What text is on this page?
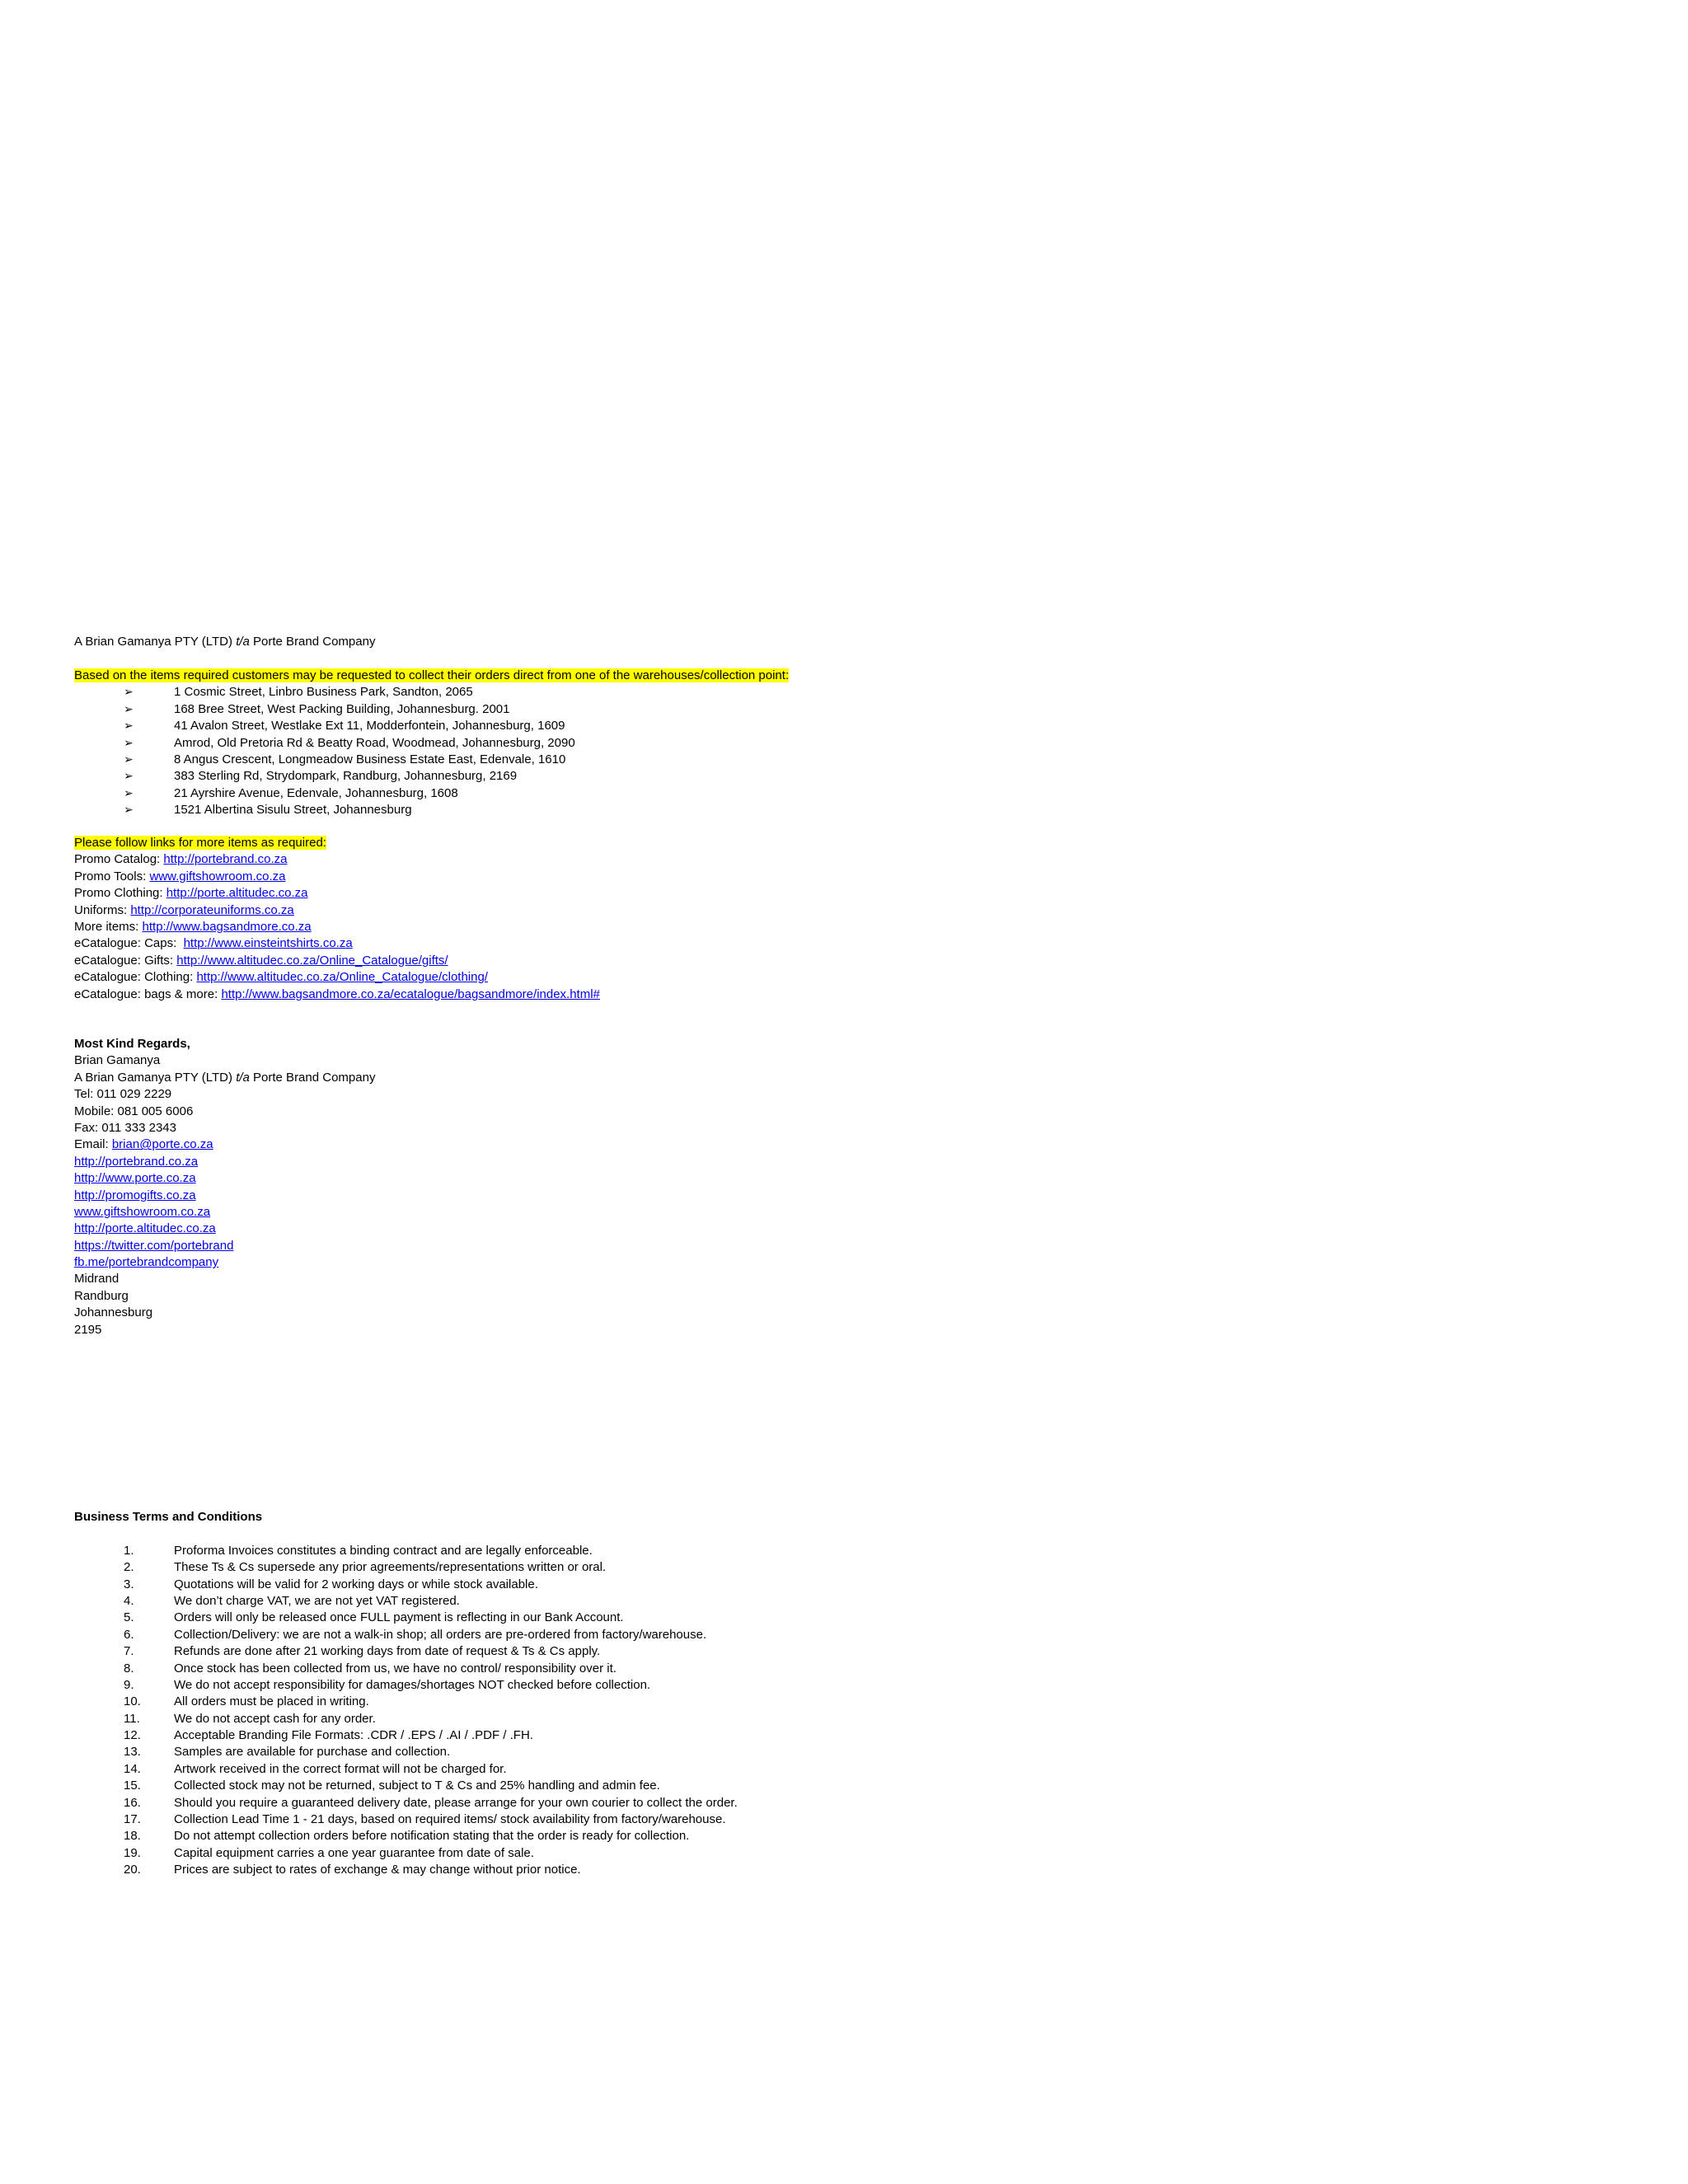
A Brian Gamanya PTY (LTD) t/a Porte Brand Company
Based on the items required customers may be requested to collect their orders direct from one of the warehouses/collection point:
➢	1 Cosmic Street, Linbro Business Park, Sandton, 2065
➢	168 Bree Street, West Packing Building, Johannesburg. 2001
➢	41 Avalon Street, Westlake Ext 11, Modderfontein, Johannesburg, 1609
➢	Amrod, Old Pretoria Rd & Beatty Road, Woodmead, Johannesburg, 2090
➢	8 Angus Crescent, Longmeadow Business Estate East, Edenvale, 1610
➢	383 Sterling Rd, Strydompark, Randburg, Johannesburg, 2169
➢	21 Ayrshire Avenue, Edenvale, Johannesburg, 1608
➢	1521 Albertina Sisulu Street, Johannesburg
Please follow links for more items as required:
Promo Catalog: http://portebrand.co.za
Promo Tools: www.giftshowroom.co.za
Promo Clothing: http://porte.altitudec.co.za
Uniforms: http://corporateuniforms.co.za
More items: http://www.bagsandmore.co.za
eCatalogue: Caps:  http://www.einsteintshirts.co.za
eCatalogue: Gifts: http://www.altitudec.co.za/Online_Catalogue/gifts/
eCatalogue: Clothing: http://www.altitudec.co.za/Online_Catalogue/clothing/
eCatalogue: bags & more: http://www.bagsandmore.co.za/ecatalogue/bagsandmore/index.html#
Most Kind Regards,
Brian Gamanya
A Brian Gamanya PTY (LTD) t/a Porte Brand Company
Tel: 011 029 2229
Mobile: 081 005 6006
Fax: 011 333 2343
Email: brian@porte.co.za
http://portebrand.co.za
http://www.porte.co.za
http://promogifts.co.za
www.giftshowroom.co.za
http://porte.altitudec.co.za
https://twitter.com/portebrand
fb.me/portebrandcompany
Midrand
Randburg
Johannesburg
2195
Business Terms and Conditions
1.	Proforma Invoices constitutes a binding contract and are legally enforceable.
2.	These Ts & Cs supersede any prior agreements/representations written or oral.
3.	Quotations will be valid for 2 working days or while stock available.
4.	We don’t charge VAT, we are not yet VAT registered.
5.	Orders will only be released once FULL payment is reflecting in our Bank Account.
6.	Collection/Delivery: we are not a walk-in shop; all orders are pre-ordered from factory/warehouse.
7.	Refunds are done after 21 working days from date of request & Ts & Cs apply.
8.	Once stock has been collected from us, we have no control/ responsibility over it.
9.	We do not accept responsibility for damages/shortages NOT checked before collection.
10.	All orders must be placed in writing.
11.	We do not accept cash for any order.
12.	Acceptable Branding File Formats: .CDR / .EPS / .AI / .PDF / .FH.
13.	Samples are available for purchase and collection.
14.	Artwork received in the correct format will not be charged for.
15.	Collected stock may not be returned, subject to T & Cs and 25% handling and admin fee.
16.	Should you require a guaranteed delivery date, please arrange for your own courier to collect the order.
17.	Collection Lead Time 1 - 21 days, based on required items/ stock availability from factory/warehouse.
18.	Do not attempt collection orders before notification stating that the order is ready for collection.
19.	Capital equipment carries a one year guarantee from date of sale.
20.	Prices are subject to rates of exchange & may change without prior notice.
